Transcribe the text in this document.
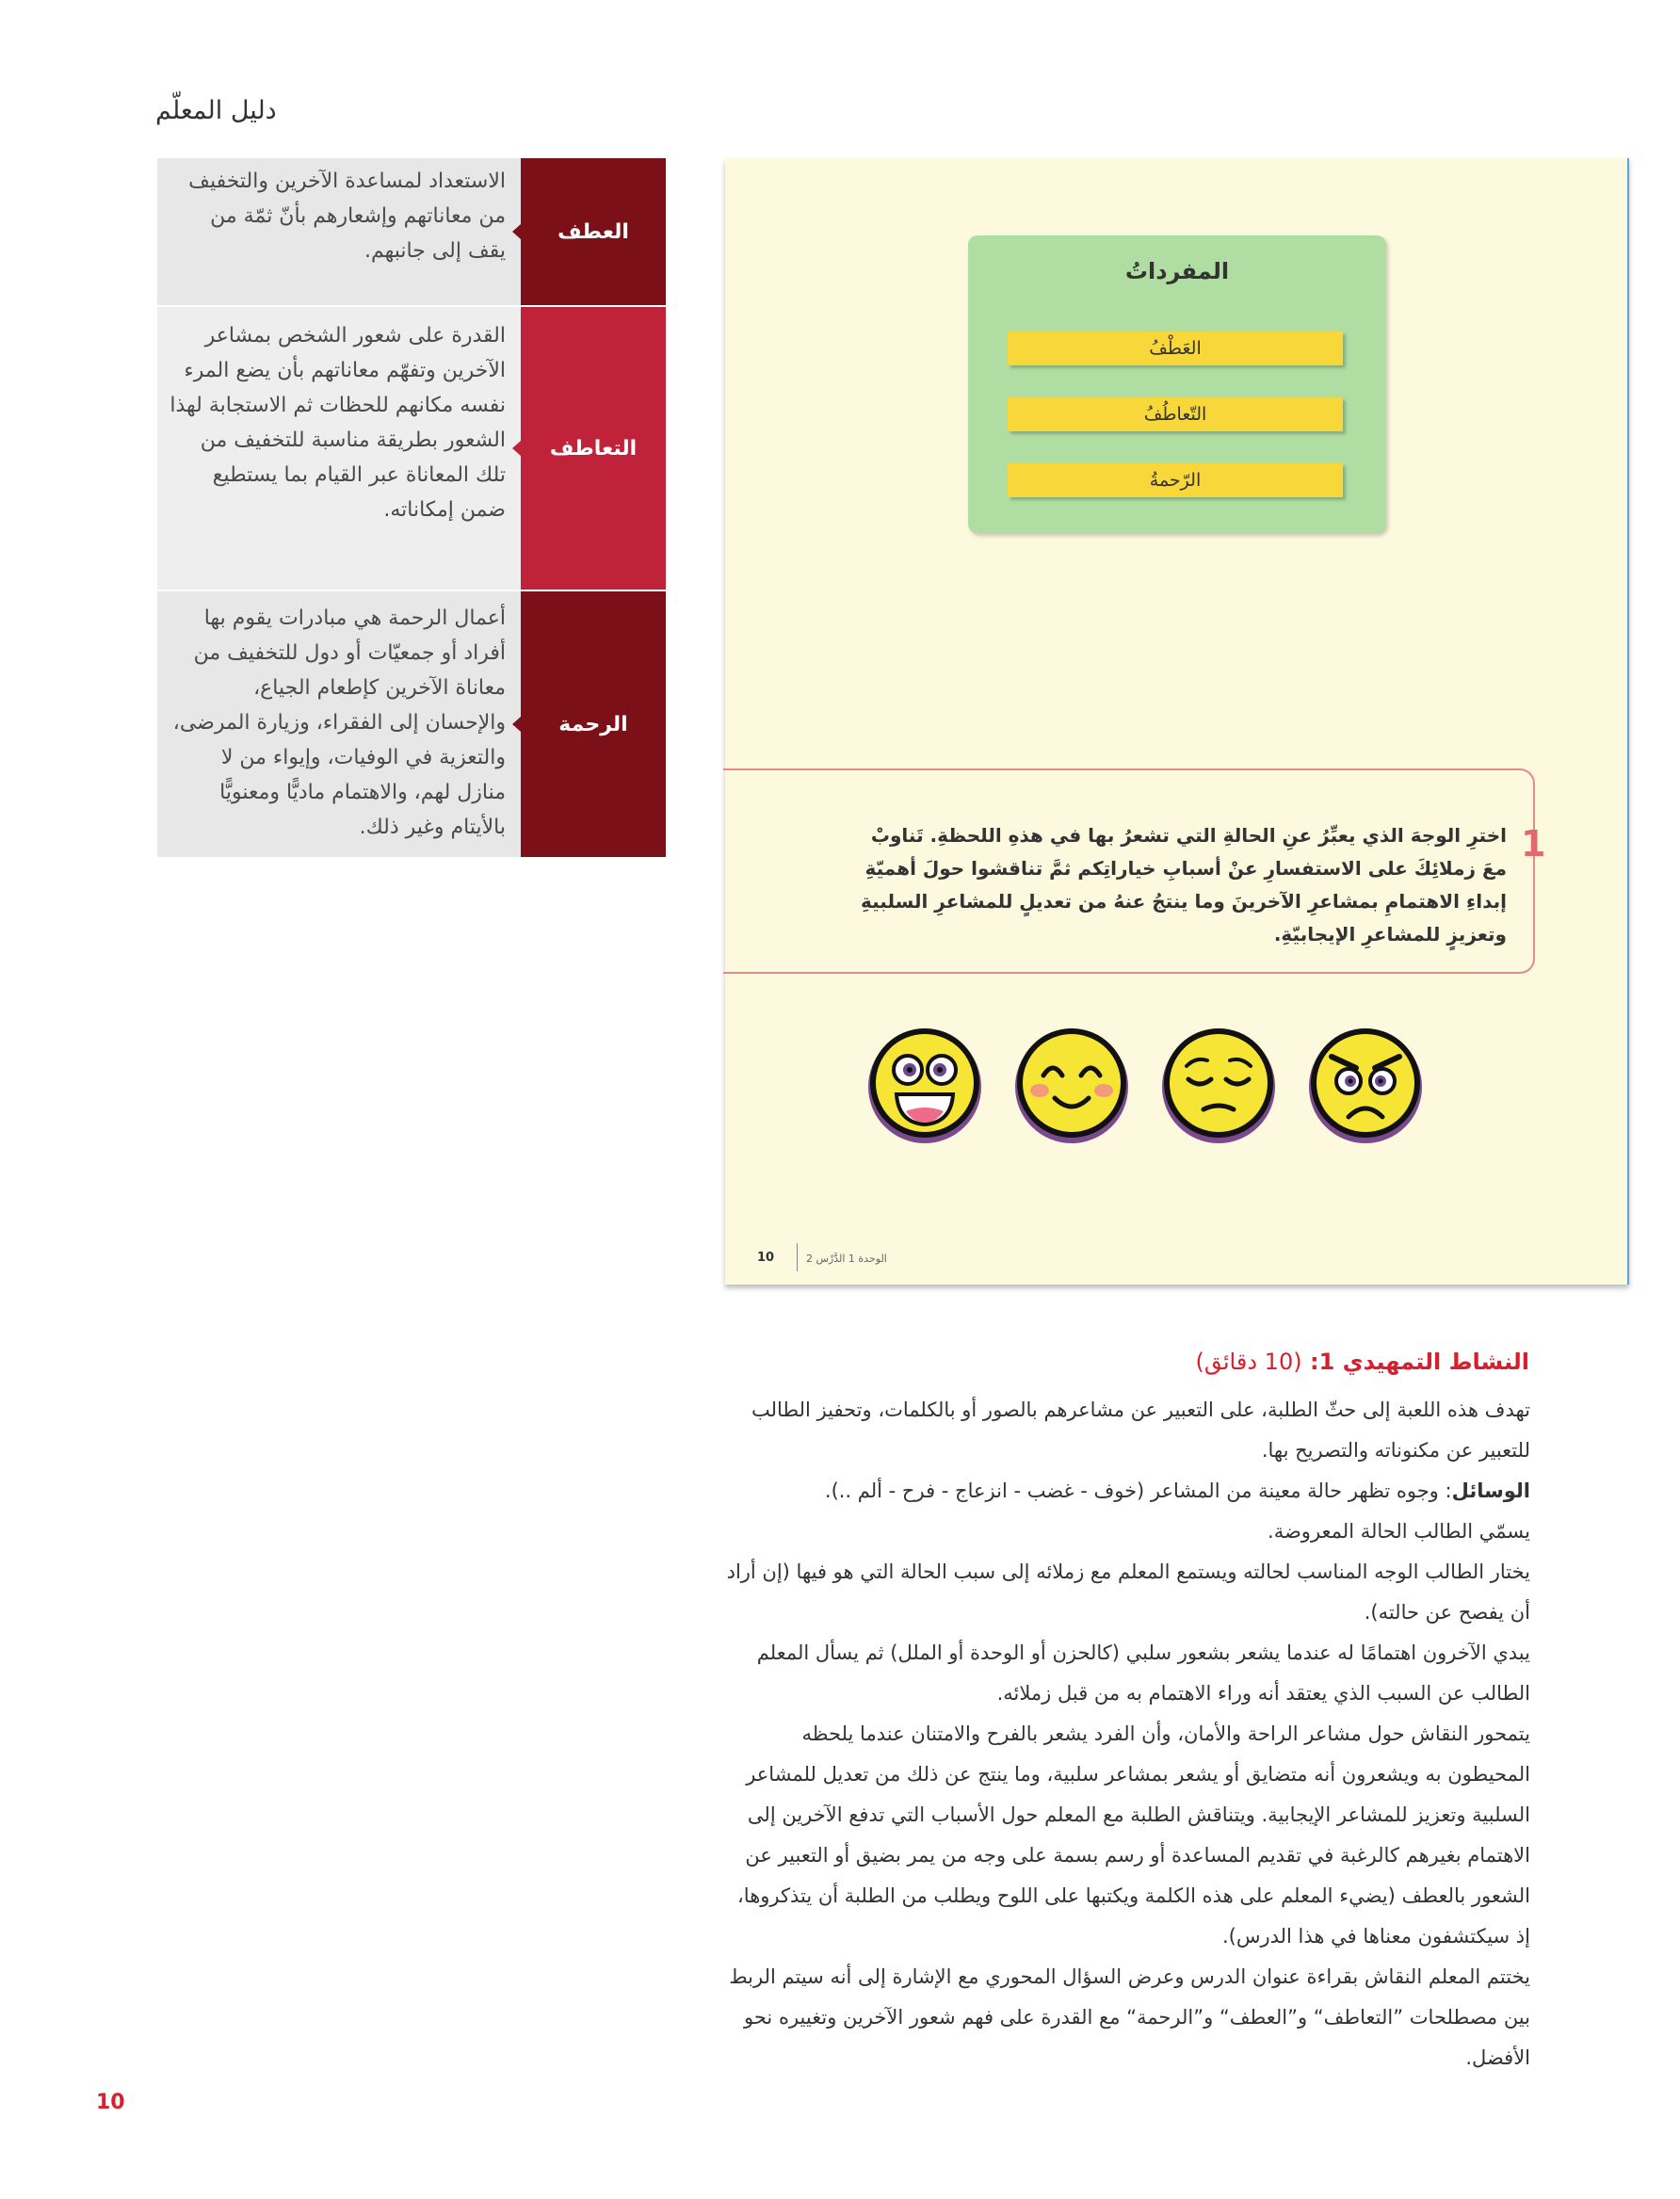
دليل المعلّم
الاستعداد لمساعدة الآخرين والتخفيف من معاناتهم وإشعارهم بأنّ ثمّة من يقف إلى جانبهم.
العطف
القدرة على شعور الشخص بمشاعر الآخرين وتفهّم معاناتهم بأن يضع المرء نفسه مكانهم للحظات ثم الاستجابة لهذا الشعور بطريقة مناسبة للتخفيف من تلك المعاناة عبر القيام بما يستطيع ضمن إمكاناته.
التعاطف
أعمال الرحمة هي مبادرات يقوم بها أفراد أو جمعيّات أو دول للتخفيف من معاناة الآخرين كإطعام الجياع، والإحسان إلى الفقراء، وزيارة المرضى، والتعزية في الوفيات، وإيواء من لا منازل لهم، والاهتمام ماديًّا ومعنويًّا بالأيتام وغير ذلك.
الرحمة
المفرداتُ
العَطْفُ
التّعاطُفُ
الرّحمةُ
1
اخترِ الوجهَ الذي يعبِّرُ عنِ الحالةِ التي تشعرُ بها في هذهِ اللحظةِ. تَناوبْ معَ زملائِكَ على الاستفسارِ عنْ أسبابِ خياراتِكم ثمَّ تناقشوا حولَ أهميّةِ إبداءِ الاهتمامِ بمشاعرِ الآخرينَ وما ينتجُ عنهُ من تعديلٍ للمشاعرِ السلبيةِ وتعزيزٍ للمشاعرِ الإيجابيّةِ.
10	الوحدة 1 الدَّرْس 2
النشاط التمهيدي 1: (10 دقائق)

تهدف هذه اللعبة إلى حثّ الطلبة، على التعبير عن مشاعرهم بالصور أو بالكلمات، وتحفيز الطالب للتعبير عن مكنوناته والتصريح بها.

الوسائل: وجوه تظهر حالة معينة من المشاعر (خوف - غضب - انزعاج - فرح - ألم ..).

يسمّي الطالب الحالة المعروضة.

يختار الطالب الوجه المناسب لحالته ويستمع المعلم مع زملائه إلى سبب الحالة التي هو فيها (إن أراد أن يفصح عن حالته).

يبدي الآخرون اهتمامًا له عندما يشعر بشعور سلبي (كالحزن أو الوحدة أو الملل) ثم يسأل المعلم الطالب عن السبب الذي يعتقد أنه وراء الاهتمام به من قبل زملائه.

يتمحور النقاش حول مشاعر الراحة والأمان، وأن الفرد يشعر بالفرح والامتنان عندما يلحظه المحيطون به ويشعرون أنه متضايق أو يشعر بمشاعر سلبية، وما ينتج عن ذلك من تعديل للمشاعر السلبية وتعزيز للمشاعر الإيجابية. ويتناقش الطلبة مع المعلم حول الأسباب التي تدفع الآخرين إلى الاهتمام بغيرهم كالرغبة في تقديم المساعدة أو رسم بسمة على وجه من يمر بضيق أو التعبير عن الشعور بالعطف (يضيء المعلم على هذه الكلمة ويكتبها على اللوح ويطلب من الطلبة أن يتذكروها، إذ سيكتشفون معناها في هذا الدرس).

يختتم المعلم النقاش بقراءة عنوان الدرس وعرض السؤال المحوري مع الإشارة إلى أنه سيتم الربط بين مصطلحات ”التعاطف“ و”العطف“ و”الرحمة“ مع القدرة على فهم شعور الآخرين وتغييره نحو الأفضل.

10
